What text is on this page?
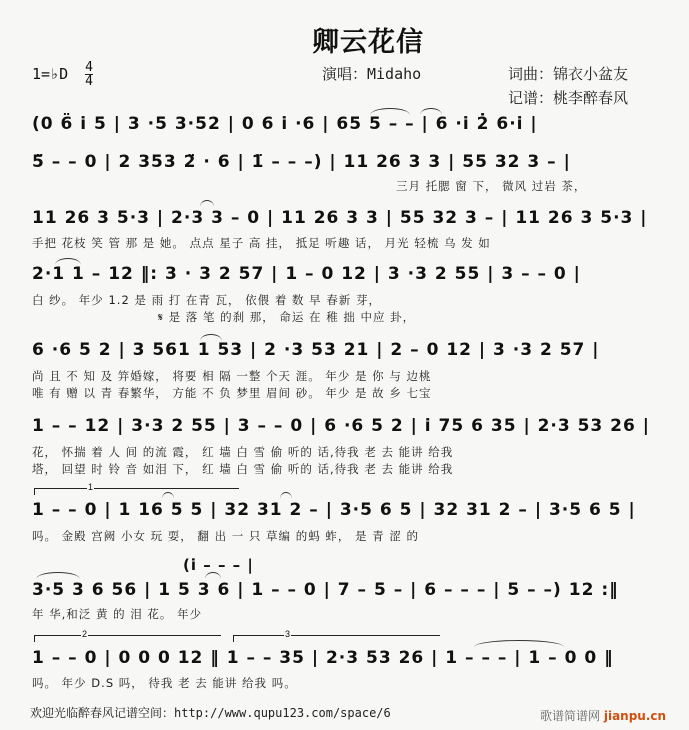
卿云花信
1=♭D $\frac{4}{4}$	演唱：Midaho	词曲：锦衣小盆友
记谱：桃李醉春风
(0 6̈ i̇ 5 | 3 ·5 3·52 | 0 6 i̇ ·6 | 65 5 – – | 6 ·i̇ 2̇ 6·i̇ |
5̈ – – 0 | 2 353 2̈ · 6 | 1̈ – – –) | 11 26 3 3 | 55 32 3 – |
三月 托腮 窗 下， 微风 过岩 茶，
11 26 3 5·3 | 2·3 3 – 0 | 11 26 3 3 | 55 32 3 – | 11 26 3 5·3 |
手把 花枝 笑 管 那 是 她。 点点 星子 高 挂， 抵足 听趣 话， 月光 轻梳 乌 发 如
2·1 1 – 12 ‖: 3 · 3 2 57 | 1 – 0 12 | 3 ·3 2 55 | 3 – – 0 |
白 纱。 年少 1.2 是 雨 打 在青 瓦， 依偎 着 数 早 春新 芽，
𝄋 是 落 笔 的刹 那， 命运 在 稚 拙 中应 卦，
6 ·6 5 2 | 3 561 1 53 | 2 ·3 53 21 | 2 – 0 12 | 3 ·3 2 57 |
尚 且 不 知 及 笄婚嫁， 将要 相 隔 一整 个天 涯。 年少 是 你 与 边桃
唯 有 赠 以 青 春繁华， 方能 不 负 梦里 眉间 砂。 年少 是 故 乡 七宝
1 – – 12 | 3·3 2 55 | 3 – – 0 | 6 ·6 5 2 | i̇ 75 6 35 | 2·3 53 26 |
花， 怀揣 着 人 间 的流 霞， 红 墙 白 雪 偷 听的 话,待我 老 去 能讲 给我
塔， 回望 时 铃 音 如泪 下， 红 墙 白 雪 偷 听的 话,待我 老 去 能讲 给我
1
1 – – 0 | 1 16 5 5 | 32 31 2 – | 3·5 6 5 | 32 31 2 – | 3·5 6 5 |
吗。 金殿 宫阙 小女 玩 耍， 翻 出 一 只 草编 的蚂 蚱， 是 青 涩 的
(i̇ – – – |
3·5 3 6 56 | 1 5 3 6 | 1 – – 0 | 7 – 5 – | 6 – – – | 5 – –) 12 :‖
年 华,和泛 黄 的 泪 花。 年少
2	3
1 – – 0 | 0 0 0 12 ‖ 1 – – 35 | 2·3 53 26 | 1 – – – | 1 – 0 0 ‖
吗。 年少 D.S 吗， 待我 老 去 能讲 给我 吗。
欢迎光临醉春风记谱空间：http://www.qupu123.com/space/6	歌谱简谱网 jianpu.cn
